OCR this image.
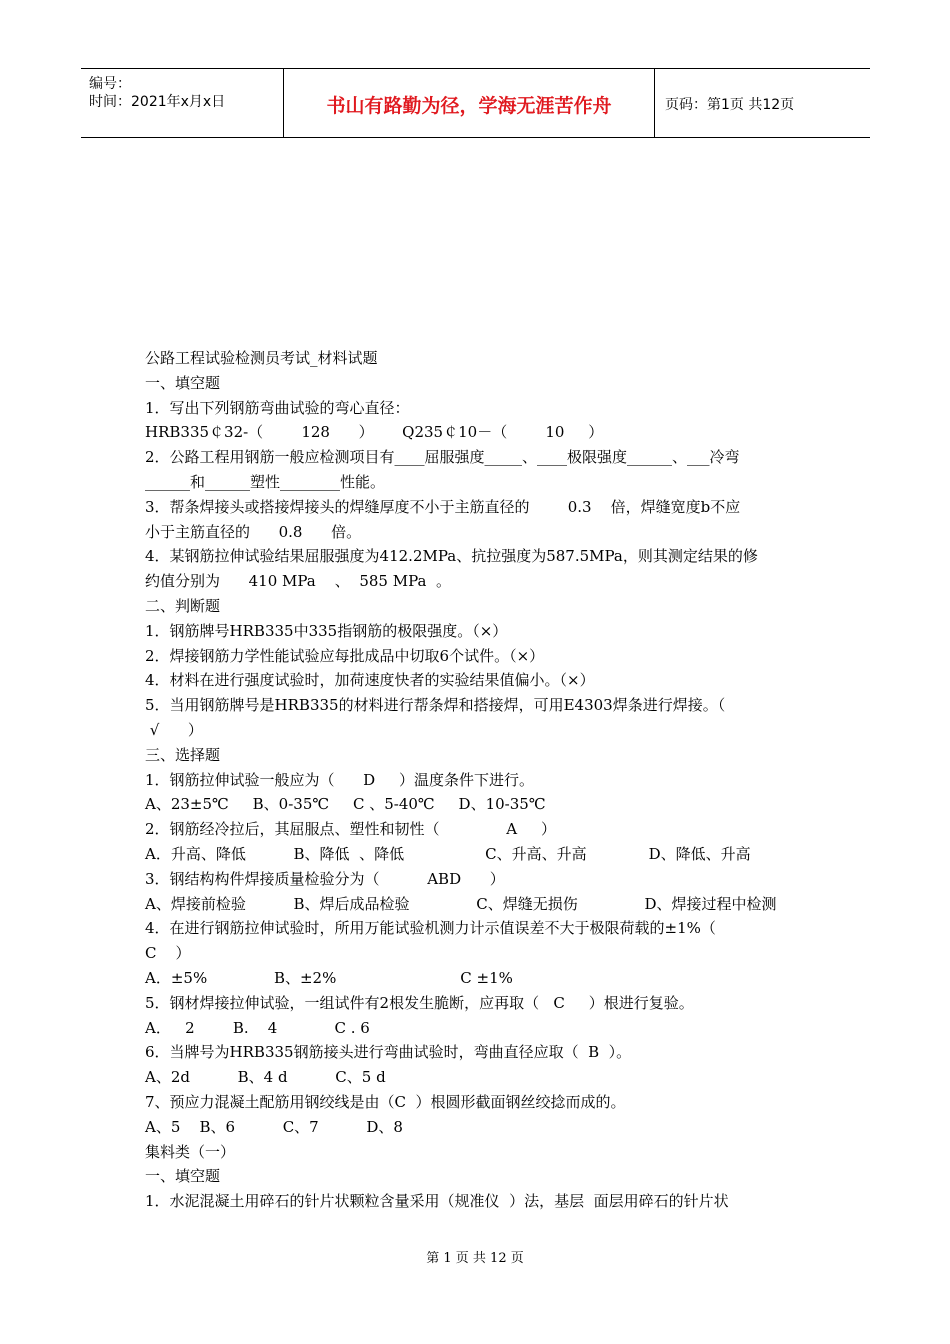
编号：
时间：2021年x月x日	书山有路勤为径，学海无涯苦作舟	页码：第1页 共12页
公路工程试验检测员考试_材料试题
一、填空题
1．写出下列钢筋弯曲试验的弯心直径：
HRB335￠32-（        128      ）      Q235￠10－（        10     ）
2．公路工程用钢筋一般应检测项目有____屈服强度_____、____极限强度______、___冷弯
______和______塑性________性能。
3．帮条焊接头或搭接焊接头的焊缝厚度不小于主筋直径的        0.3    倍，焊缝宽度b不应
小于主筋直径的      0.8      倍。
4．某钢筋拉伸试验结果屈服强度为412.2MPa、抗拉强度为587.5MPa，则其测定结果的修
约值分别为      410 MPa    、  585 MPa  。
二、判断题
1．钢筋牌号HRB335中335指钢筋的极限强度。（×）
2．焊接钢筋力学性能试验应每批成品中切取6个试件。（×）
4．材料在进行强度试验时，加荷速度快者的实验结果值偏小。（×）
5．当用钢筋牌号是HRB335的材料进行帮条焊和搭接焊，可用E4303焊条进行焊接。（
√      ）
三、选择题
1．钢筋拉伸试验一般应为（      D     ）温度条件下进行。
A、23±5℃     B、0-35℃     C 、5-40℃     D、10-35℃
2．钢筋经冷拉后，其屈服点、塑性和韧性（              A     ）
A．升高、降低          B、降低  、降低                 C、升高、升高             D、降低、升高
3．钢结构构件焊接质量检验分为（          ABD      ）
A、焊接前检验          B、焊后成品检验              C、焊缝无损伤              D、焊接过程中检测
4．在进行钢筋拉伸试验时，所用万能试验机测力计示值误差不大于极限荷载的±1%（
C    ）
A．±5%              B、±2%                          C ±1%
5．钢材焊接拉伸试验，一组试件有2根发生脆断，应再取（   C     ）根进行复验。
A．   2        B.    4            C . 6
6．当牌号为HRB335钢筋接头进行弯曲试验时，弯曲直径应取（  B  ）。
A、2d          B、4 d          C、5 d
7、预应力混凝土配筋用钢绞线是由（C  ）根圆形截面钢丝绞捻而成的。
A、5    B、6          C、7          D、8
集料类（一）
一、填空题
1．水泥混凝土用碎石的针片状颗粒含量采用（规准仪  ）法，基层  面层用碎石的针片状
第 1 页 共 12 页
